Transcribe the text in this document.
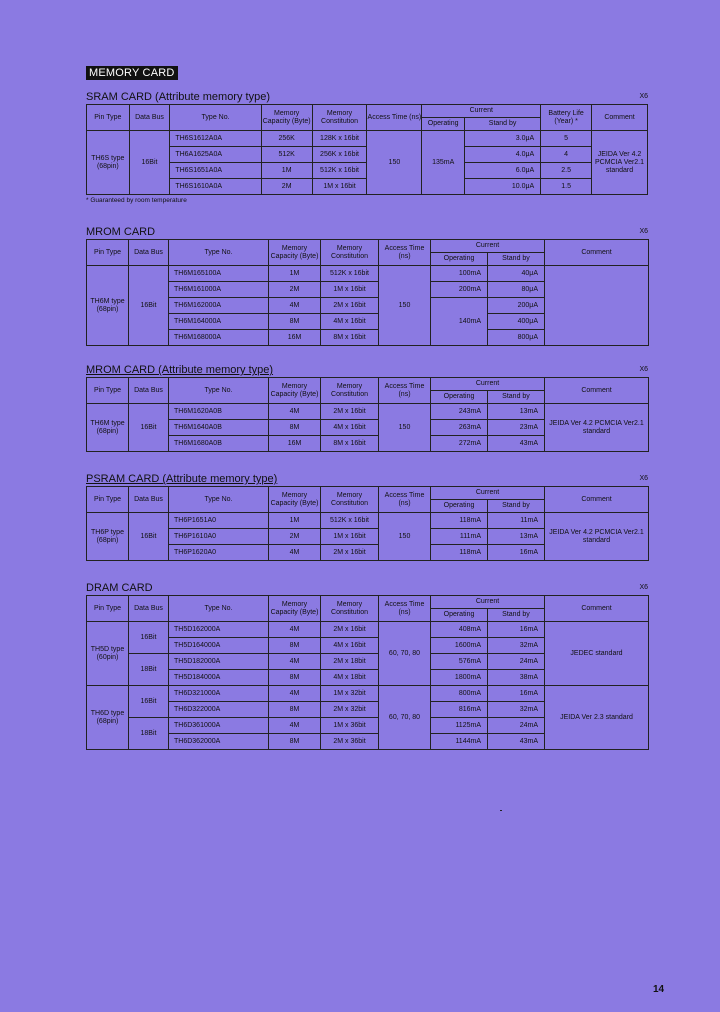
MEMORY CARD
SRAM CARD (Attribute memory type)	X6
Pin Type	Data Bus	Type No.	Memory Capacity (Byte)	Memory Constitution	Access Time (ns)	Current		Battery Life (Year) *	Comment
						Operating	Stand by		
TH6S type (68pin)	16Bit	TH6S1612A0A	256K	128K x 16bit	150	135mA	3.0μA	5	JEIDA Ver 4.2 PCMCIA Ver2.1 standard
		TH6A1625A0A	512K	256K x 16bit			4.0μA	4	
		TH6S1651A0A	1M	512K x 16bit			6.0μA	2.5	
		TH6S1610A0A	2M	1M x 16bit			10.0μA	1.5	
* Guaranteed by room temperature
MROM CARD	X6
Pin Type	Data Bus	Type No.	Memory Capacity (Byte)	Memory Constitution	Access Time (ns)	Current		Comment
						Operating	Stand by	
TH6M type (68pin)	16Bit	TH6M165100A	1M	512K x 16bit	150	100mA	40μA	
		TH6M161000A	2M	1M x 16bit		200mA	80μA	
		TH6M162000A	4M	2M x 16bit		140mA	200μA	
		TH6M164000A	8M	4M x 16bit			400μA	
		TH6M168000A	16M	8M x 16bit			800μA	
MROM CARD (Attribute memory type)	X6
Pin Type	Data Bus	Type No.	Memory Capacity (Byte)	Memory Constitution	Access Time (ns)	Current		Comment
						Operating	Stand by	
TH6M type (68pin)	16Bit	TH6M1620A0B	4M	2M x 16bit	150	243mA	13mA	JEIDA Ver 4.2 PCMCIA Ver2.1 standard
		TH6M1640A0B	8M	4M x 16bit		263mA	23mA	
		TH6M1680A0B	16M	8M x 16bit		272mA	43mA	
PSRAM CARD (Attribute memory type)	X6
Pin Type	Data Bus	Type No.	Memory Capacity (Byte)	Memory Constitution	Access Time (ns)	Current		Comment
						Operating	Stand by	
TH6P type (68pin)	16Bit	TH6P1651A0	1M	512K x 16bit	150	118mA	11mA	JEIDA Ver 4.2 PCMCIA Ver2.1 standard
		TH6P1610A0	2M	1M x 16bit		111mA	13mA	
		TH6P1620A0	4M	2M x 16bit		118mA	16mA	
DRAM CARD	X6
Pin Type	Data Bus	Type No.	Memory Capacity (Byte)	Memory Constitution	Access Time (ns)	Current		Comment
						Operating	Stand by	
TH5D type (60pin)	16Bit	TH5D162000A	4M	2M x 16bit	60, 70, 80	408mA	16mA	JEDEC standard
		TH5D164000A	8M	4M x 16bit		1600mA	32mA	
	18Bit	TH5D182000A	4M	2M x 18bit		576mA	24mA	
		TH5D184000A	8M	4M x 18bit		1800mA	38mA	
TH6D type (68pin)	16Bit	TH6D321000A	4M	1M x 32bit	60, 70, 80	800mA	16mA	JEIDA Ver 2.3 standard
		TH6D322000A	8M	2M x 32bit		816mA	32mA	
	18Bit	TH6D361000A	4M	1M x 36bit		1125mA	24mA	
		TH6D362000A	8M	2M x 36bit		1144mA	43mA	
14
